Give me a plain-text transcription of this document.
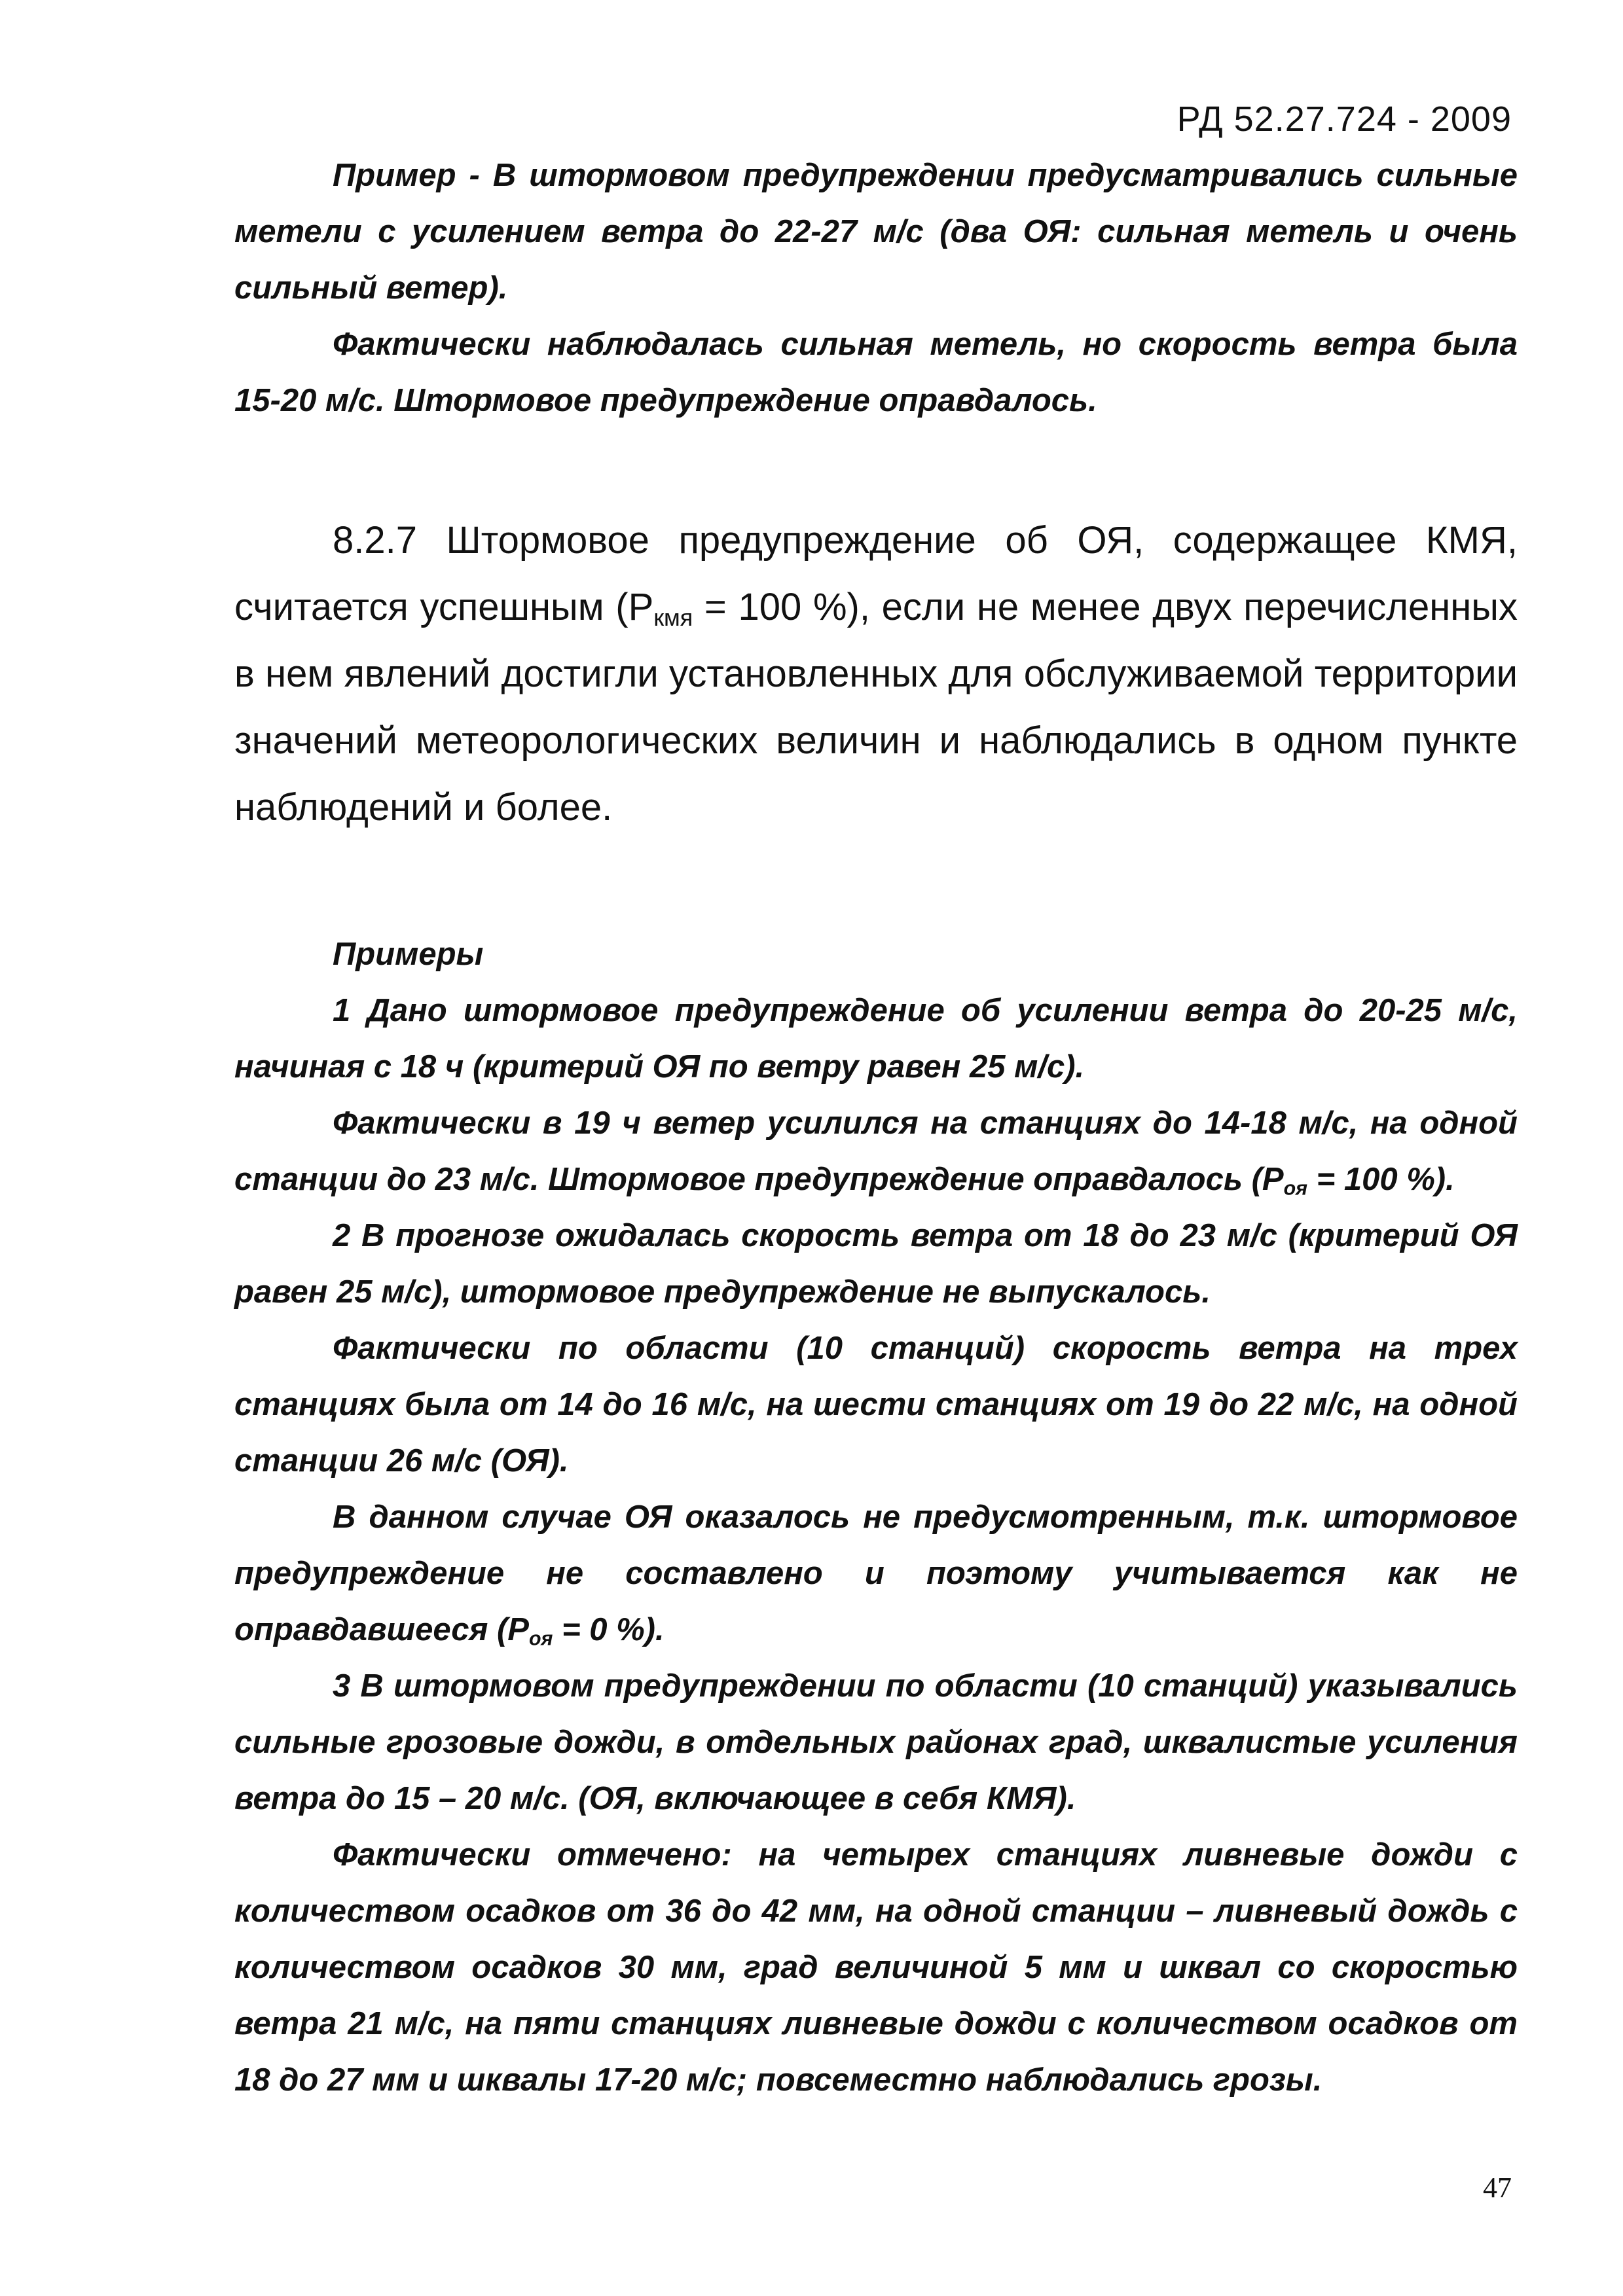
РД 52.27.724 - 2009

Пример - В штормовом предупреждении предусматривались сильные метели с усилением ветра до 22-27 м/с (два ОЯ: сильная метель и очень сильный ветер).

Фактически наблюдалась сильная метель, но скорость ветра была 15-20 м/с. Штормовое предупреждение оправдалось.

8.2.7 Штормовое предупреждение об ОЯ, содержащее КМЯ, считается успешным ($Р_{кмя} = 100$ %), если не менее двух перечисленных в нем явлений достигли установленных для обслуживаемой территории значений метеорологических величин и наблюдались в одном пункте наблюдений и более.

Примеры

1 Дано штормовое предупреждение об усилении ветра до 20-25 м/с, начиная с 18 ч (критерий ОЯ по ветру равен 25 м/с).

Фактически в 19 ч ветер усилился на станциях до 14-18 м/с, на одной станции до 23 м/с. Штормовое предупреждение оправдалось ($Р_{оя} = 100$ %).

2 В прогнозе ожидалась скорость ветра от 18 до 23 м/с (критерий ОЯ равен 25 м/с), штормовое предупреждение не выпускалось.

Фактически по области (10 станций) скорость ветра на трех станциях была от 14 до 16 м/с, на шести станциях от 19 до 22 м/с, на одной станции 26 м/с (ОЯ).

В данном случае ОЯ оказалось не предусмотренным, т.к. штормовое предупреждение не составлено и поэтому учитывается как не оправдавшееся ($Р_{оя} = 0$ %).

3 В штормовом предупреждении по области (10 станций) указывались сильные грозовые дожди, в отдельных районах град, шквалистые усиления ветра до 15 – 20 м/с. (ОЯ, включающее в себя КМЯ).

Фактически отмечено: на четырех станциях ливневые дожди с количеством осадков от 36 до 42 мм, на одной станции – ливневый дождь с количеством осадков 30 мм, град величиной 5 мм и шквал со скоростью ветра 21 м/с, на пяти станциях ливневые дожди с количеством осадков от 18 до 27 мм и шквалы 17-20 м/с; повсеместно наблюдались грозы.

47
